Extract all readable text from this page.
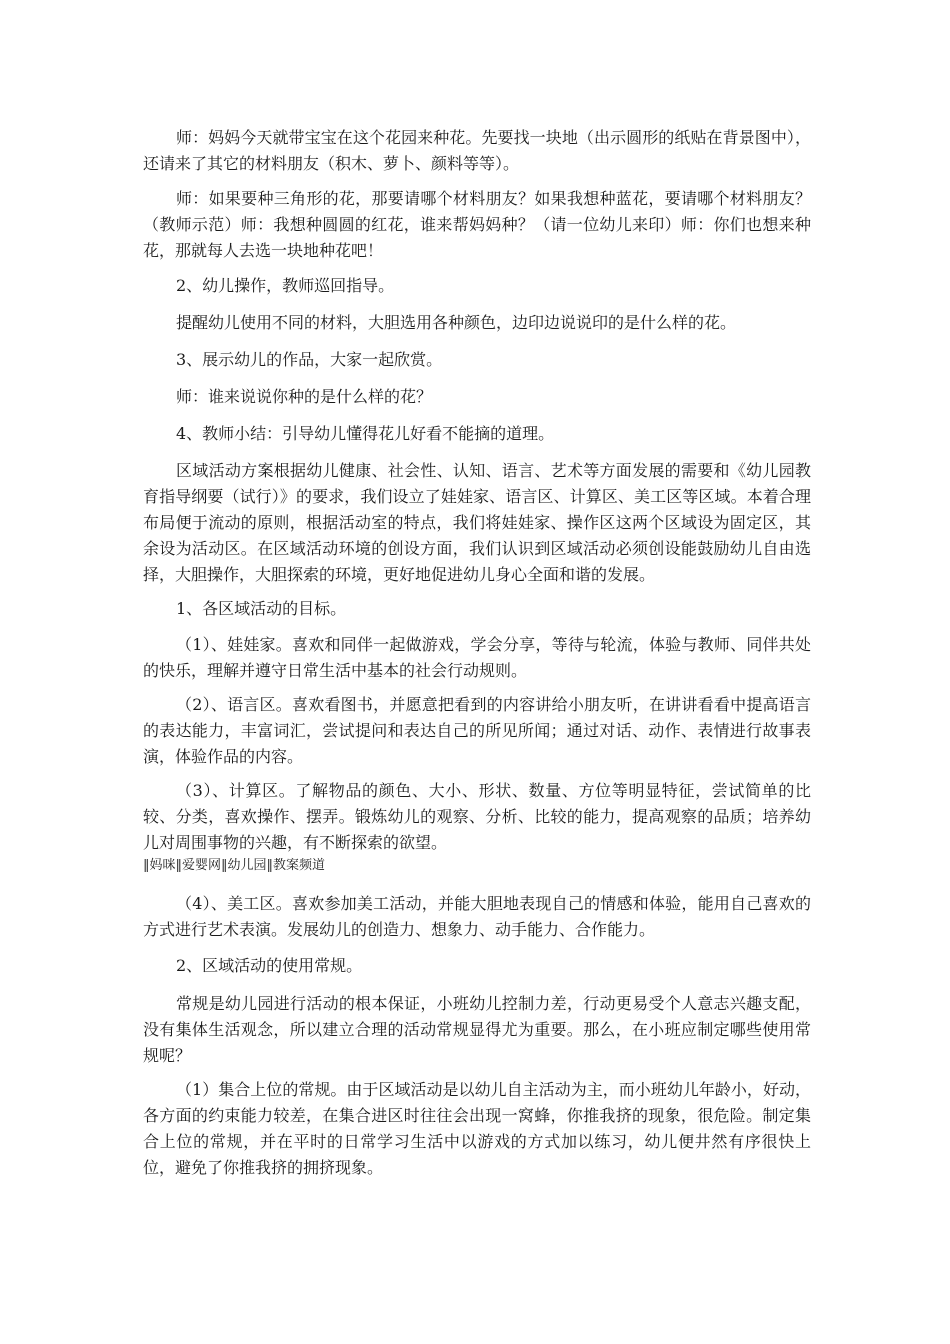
师：妈妈今天就带宝宝在这个花园来种花。先要找一块地（出示圆形的纸贴在背景图中），还请来了其它的材料朋友（积木、萝卜、颜料等等）。

师：如果要种三角形的花，那要请哪个材料朋友？如果我想种蓝花，要请哪个材料朋友？（教师示范）师：我想种圆圆的红花，谁来帮妈妈种？（请一位幼儿来印）师：你们也想来种花，那就每人去选一块地种花吧！

2、幼儿操作，教师巡回指导。

提醒幼儿使用不同的材料，大胆选用各种颜色，边印边说说印的是什么样的花。

3、展示幼儿的作品，大家一起欣赏。

师：谁来说说你种的是什么样的花？

4、教师小结：引导幼儿懂得花儿好看不能摘的道理。

区域活动方案根据幼儿健康、社会性、认知、语言、艺术等方面发展的需要和《幼儿园教育指导纲要（试行）》的要求，我们设立了娃娃家、语言区、计算区、美工区等区域。本着合理布局便于流动的原则，根据活动室的特点，我们将娃娃家、操作区这两个区域设为固定区，其余设为活动区。在区域活动环境的创设方面，我们认识到区域活动必须创设能鼓励幼儿自由选择，大胆操作，大胆探索的环境，更好地促进幼儿身心全面和谐的发展。

1、各区域活动的目标。

（1）、娃娃家。喜欢和同伴一起做游戏，学会分享，等待与轮流，体验与教师、同伴共处的快乐，理解并遵守日常生活中基本的社会行动规则。

（2）、语言区。喜欢看图书，并愿意把看到的内容讲给小朋友听，在讲讲看看中提高语言的表达能力，丰富词汇，尝试提问和表达自己的所见所闻；通过对话、动作、表情进行故事表演，体验作品的内容。

（3）、计算区。了解物品的颜色、大小、形状、数量、方位等明显特征，尝试简单的比较、分类，喜欢操作、摆弄。锻炼幼儿的观察、分析、比较的能力，提高观察的品质；培养幼儿对周围事物的兴趣，有不断探索的欲望。

‖妈咪‖爱婴网‖幼儿园‖教案频道

（4）、美工区。喜欢参加美工活动，并能大胆地表现自己的情感和体验，能用自己喜欢的方式进行艺术表演。发展幼儿的创造力、想象力、动手能力、合作能力。

2、区域活动的使用常规。

常规是幼儿园进行活动的根本保证，小班幼儿控制力差，行动更易受个人意志兴趣支配，没有集体生活观念，所以建立合理的活动常规显得尤为重要。那么，在小班应制定哪些使用常规呢？

（1）集合上位的常规。由于区域活动是以幼儿自主活动为主，而小班幼儿年龄小，好动，各方面的约束能力较差，在集合进区时往往会出现一窝蜂，你推我挤的现象，很危险。制定集合上位的常规，并在平时的日常学习生活中以游戏的方式加以练习，幼儿便井然有序很快上位，避免了你推我挤的拥挤现象。
